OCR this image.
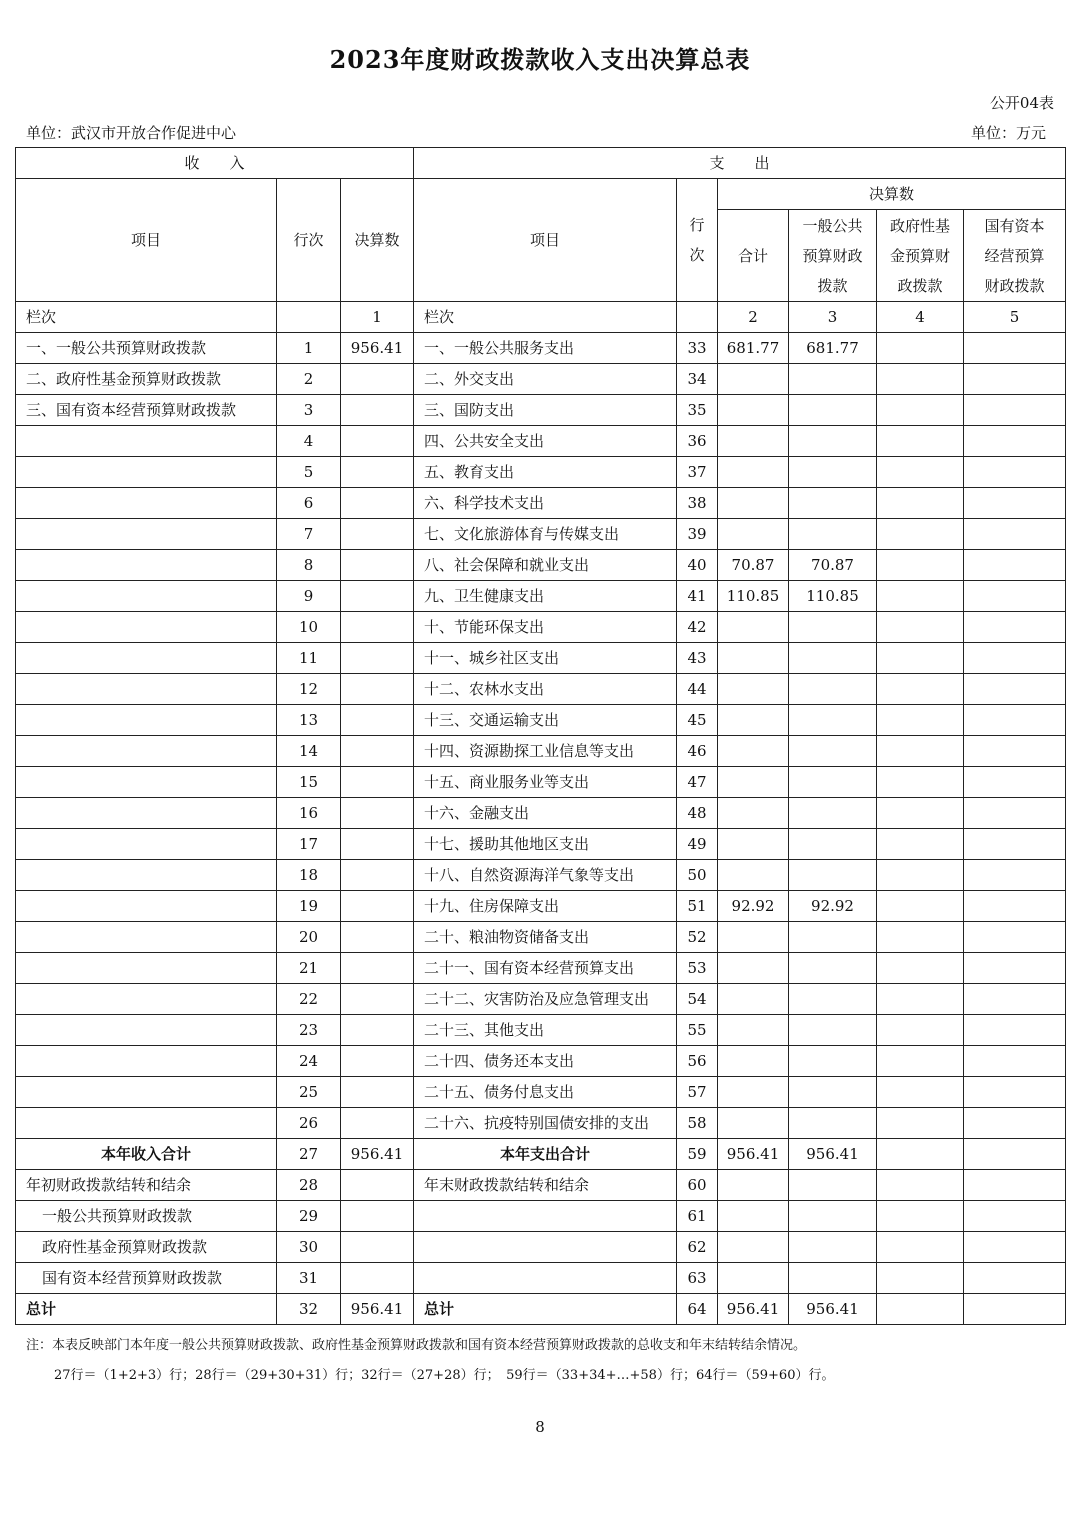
2023年度财政拨款收入支出决算总表
公开04表
单位：武汉市开放合作促进中心	单位：万元
收　　入			支　　出					
项目	行次	决算数	项目	行次	决算数			
					合计	一般公共预算财政拨款	政府性基金预算财政拨款	国有资本经营预算财政拨款
栏次		1	栏次		2	3	4	5
一、一般公共预算财政拨款	1	956.41	一、一般公共服务支出	33	681.77	681.77		
二、政府性基金预算财政拨款	2		二、外交支出	34				
三、国有资本经营预算财政拨款	3		三、国防支出	35				
	4		四、公共安全支出	36				
	5		五、教育支出	37				
	6		六、科学技术支出	38				
	7		七、文化旅游体育与传媒支出	39				
	8		八、社会保障和就业支出	40	70.87	70.87		
	9		九、卫生健康支出	41	110.85	110.85		
	10		十、节能环保支出	42				
	11		十一、城乡社区支出	43				
	12		十二、农林水支出	44				
	13		十三、交通运输支出	45				
	14		十四、资源勘探工业信息等支出	46				
	15		十五、商业服务业等支出	47				
	16		十六、金融支出	48				
	17		十七、援助其他地区支出	49				
	18		十八、自然资源海洋气象等支出	50				
	19		十九、住房保障支出	51	92.92	92.92		
	20		二十、粮油物资储备支出	52				
	21		二十一、国有资本经营预算支出	53				
	22		二十二、灾害防治及应急管理支出	54				
	23		二十三、其他支出	55				
	24		二十四、债务还本支出	56				
	25		二十五、债务付息支出	57				
	26		二十六、抗疫特别国债安排的支出	58				
本年收入合计	27	956.41	本年支出合计	59	956.41	956.41		
年初财政拨款结转和结余	28		年末财政拨款结转和结余	60				
一般公共预算财政拨款	29			61				
政府性基金预算财政拨款	30			62				
国有资本经营预算财政拨款	31			63				
总计	32	956.41	总计	64	956.41	956.41		
注：本表反映部门本年度一般公共预算财政拨款、政府性基金预算财政拨款和国有资本经营预算财政拨款的总收支和年末结转结余情况。
27行＝（1+2+3）行；28行＝（29+30+31）行；32行＝（27+28）行；　59行＝（33+34+…+58）行；64行＝（59+60）行。
8
